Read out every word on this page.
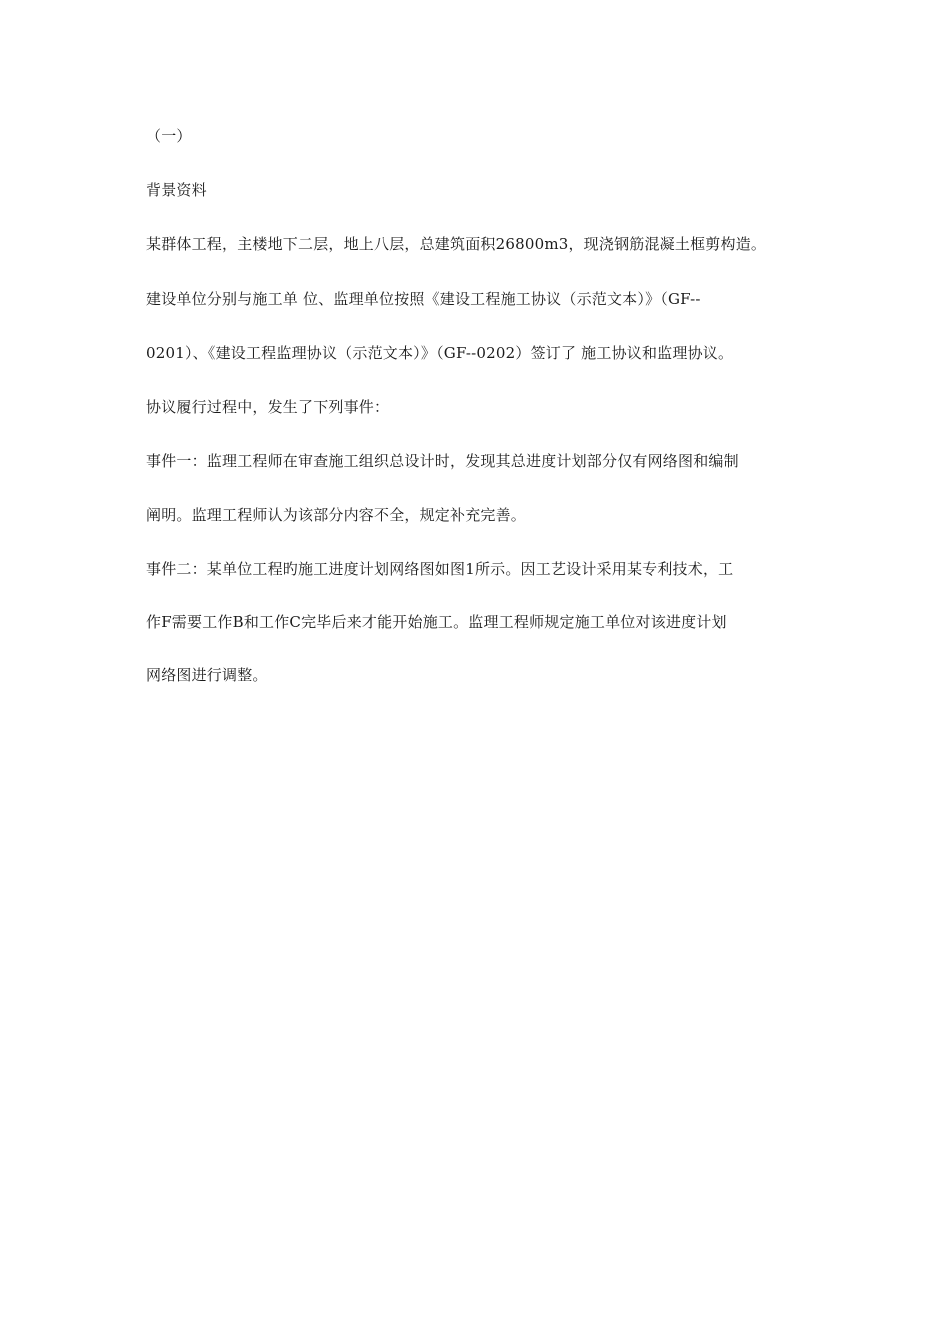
（一）
背景资料
某群体工程，主楼地下二层，地上八层，总建筑面积26800m3，现浇钢筋混凝土框剪构造。
建设单位分别与施工单 位、监理单位按照《建设工程施工协议（示范文本）》（GF--
0201）、《建设工程监理协议（示范文本）》（GF--0202）签订了 施工协议和监理协议。
协议履行过程中，发生了下列事件：
事件一：监理工程师在审查施工组织总设计时，发现其总进度计划部分仅有网络图和编制
阐明。监理工程师认为该部分内容不全，规定补充完善。
事件二：某单位工程旳施工进度计划网络图如图1所示。因工艺设计采用某专利技术，工
作F需要工作B和工作C完毕后来才能开始施工。监理工程师规定施工单位对该进度计划
网络图进行调整。
